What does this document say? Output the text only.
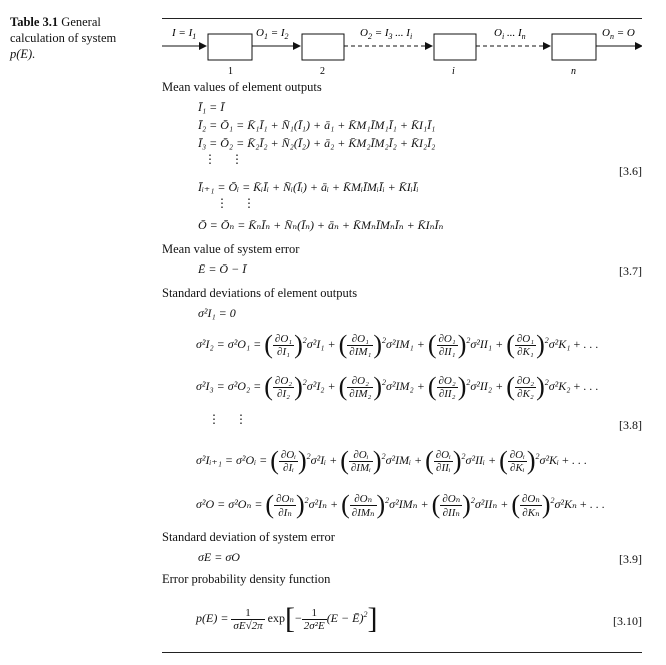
Table 3.1 General calculation of system p(E).
$I = I_1$	$O_1 = I_2$	$O_2 = I_3$ ... $I_i$	$O_i$ ... $I_n$	$O_n = O$
1	2	i	n
Mean values of element outputs
Ī₁ = Ī
Ī₂ = Ō₁ = K̄₁Ī₁ + N̄₁(Ī₁) + ā₁ + K̄M₁ĪM₁Ī₁ + K̄I₁Ī₁
Ī₃ = Ō₂ = K̄₂Ī₂ + N̄₂(Ī₂) + ā₂ + K̄M₂ĪM₂Ī₂ + K̄I₂Ī₂
⋮ ⋮
[3.6]
Īᵢ₊₁ = Ōᵢ = K̄ᵢĪᵢ + N̄ᵢ(Īᵢ) + āᵢ + K̄MᵢĪMᵢĪᵢ + K̄IᵢĪᵢ
⋮ ⋮
Ō = Ōₙ = K̄ₙĪₙ + N̄ₙ(Īₙ) + āₙ + K̄MₙĪMₙĪₙ + K̄IₙĪₙ
Mean value of system error
Ē = Ō − Ī	[3.7]
Standard deviations of element outputs
σ²I₁ = 0
σ²I₂ = σ²O₁ = ( $\frac{\text{∂O₁}}{\text{∂I₁}} )^2\sigma^2I_1$ + ( $\frac{\text{∂O₁}}{\text{∂IM₁}} )^2\sigma^2IM_1$ + ( $\frac{\text{∂O₁}}{\text{∂II₁}} )^2\sigma^2II_1$ + ( $\frac{\text{∂O₁}}{\text{∂K₁}} )^2\sigma^2K_1$ + . . .
σ²I₃ = σ²O₂ = ( $\frac{\text{∂O₂}}{\text{∂I₂}} )^2\sigma^2I_2$ + ( $\frac{\text{∂O₂}}{\text{∂IM₂}} )^2\sigma^2IM_2$ + ( $\frac{\text{∂O₂}}{\text{∂II₂}} )^2\sigma^2II_2$ + ( $\frac{\text{∂O₂}}{\text{∂K₂}} )^2\sigma^2K_2$ + . . .
⋮ ⋮	[3.8]
σ²Iᵢ₊₁ = σ²Oᵢ = ( $\frac{\text{∂Oᵢ}}{\text{∂Iᵢ}}$ )$^2$σ²Iᵢ + ( $\frac{\text{∂Oᵢ}}{\text{∂IMᵢ}}$ )$^2$σ²IMᵢ + ( $\frac{\text{∂Oᵢ}}{\text{∂IIᵢ}}$ )$^2$σ²IIᵢ + ( $\frac{\text{∂Oᵢ}}{\text{∂Kᵢ}}$ )$^2$σ²Kᵢ + . . .
σ²O = σ²Oₙ = ( $\frac{\text{∂Oₙ}}{\text{∂Iₙ}} )^2\sigma^2I_n$ + ( $\frac{\text{∂Oₙ}}{\text{∂IMₙ}} )^2\sigma^2IM_n$ + ( $\frac{\text{∂Oₙ}}{\text{∂IIₙ}} )^2\sigma^2II_n$ + ( $\frac{\text{∂Oₙ}}{\text{∂Kₙ}} )^2\sigma^2K_n$ + . . .
Standard deviation of system error
σE = σO	[3.9]
Error probability density function
$p(E) = \frac{1}{\sigma E√2\pi} \exp[- \frac{1}{\text{2σ²E}} (E$ − Ē)$^2$]	[3.10]
